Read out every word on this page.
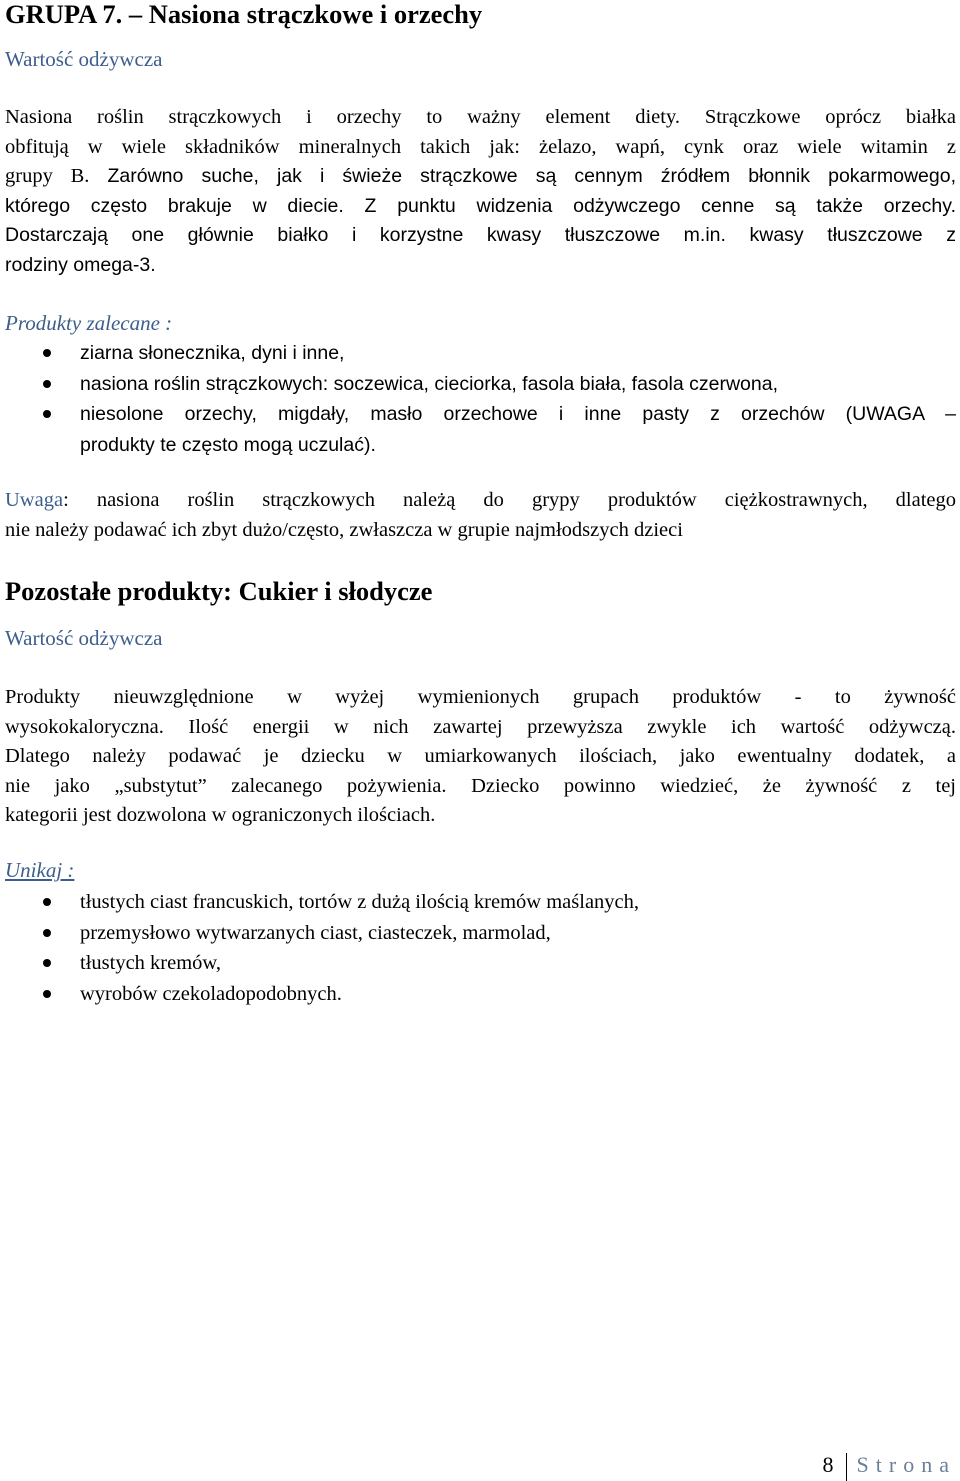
GRUPA 7. – Nasiona strączkowe i orzechy
Wartość odżywcza
Nasiona roślin strączkowych i orzechy to ważny element diety. Strączkowe oprócz białka
obfitują w wiele składników mineralnych takich jak: żelazo, wapń, cynk oraz wiele witamin z
grupy B. Zarówno suche, jak i świeże strączkowe są cennym źródłem błonnik pokarmowego,
którego często brakuje w diecie. Z punktu widzenia odżywczego cenne są także orzechy.
Dostarczają one głównie białko i korzystne kwasy tłuszczowe m.in. kwasy tłuszczowe z
rodziny omega-3.
Produkty zalecane :
ziarna słonecznika, dyni i inne,
nasiona roślin strączkowych: soczewica, cieciorka, fasola biała, fasola czerwona,
niesolone orzechy, migdały, masło orzechowe i inne pasty z orzechów (UWAGA –
produkty te często mogą uczulać).
Uwaga: nasiona roślin strączkowych należą do grypy produktów ciężkostrawnych, dlatego
nie należy podawać ich zbyt dużo/często, zwłaszcza w grupie najmłodszych dzieci
Pozostałe produkty: Cukier i słodycze
Wartość odżywcza
Produkty nieuwzględnione w wyżej wymienionych grupach produktów - to żywność
wysokokaloryczna. Ilość energii w nich zawartej przewyższa zwykle ich wartość odżywczą.
Dlatego należy podawać je dziecku w umiarkowanych ilościach, jako ewentualny dodatek, a
nie jako „substytut” zalecanego pożywienia. Dziecko powinno wiedzieć, że żywność z tej
kategorii jest dozwolona w ograniczonych ilościach.
Unikaj :
tłustych ciast francuskich, tortów z dużą ilością kremów maślanych,
przemysłowo wytwarzanych ciast, ciasteczek, marmolad,
tłustych kremów,
wyrobów czekoladopodobnych.
8 Strona
